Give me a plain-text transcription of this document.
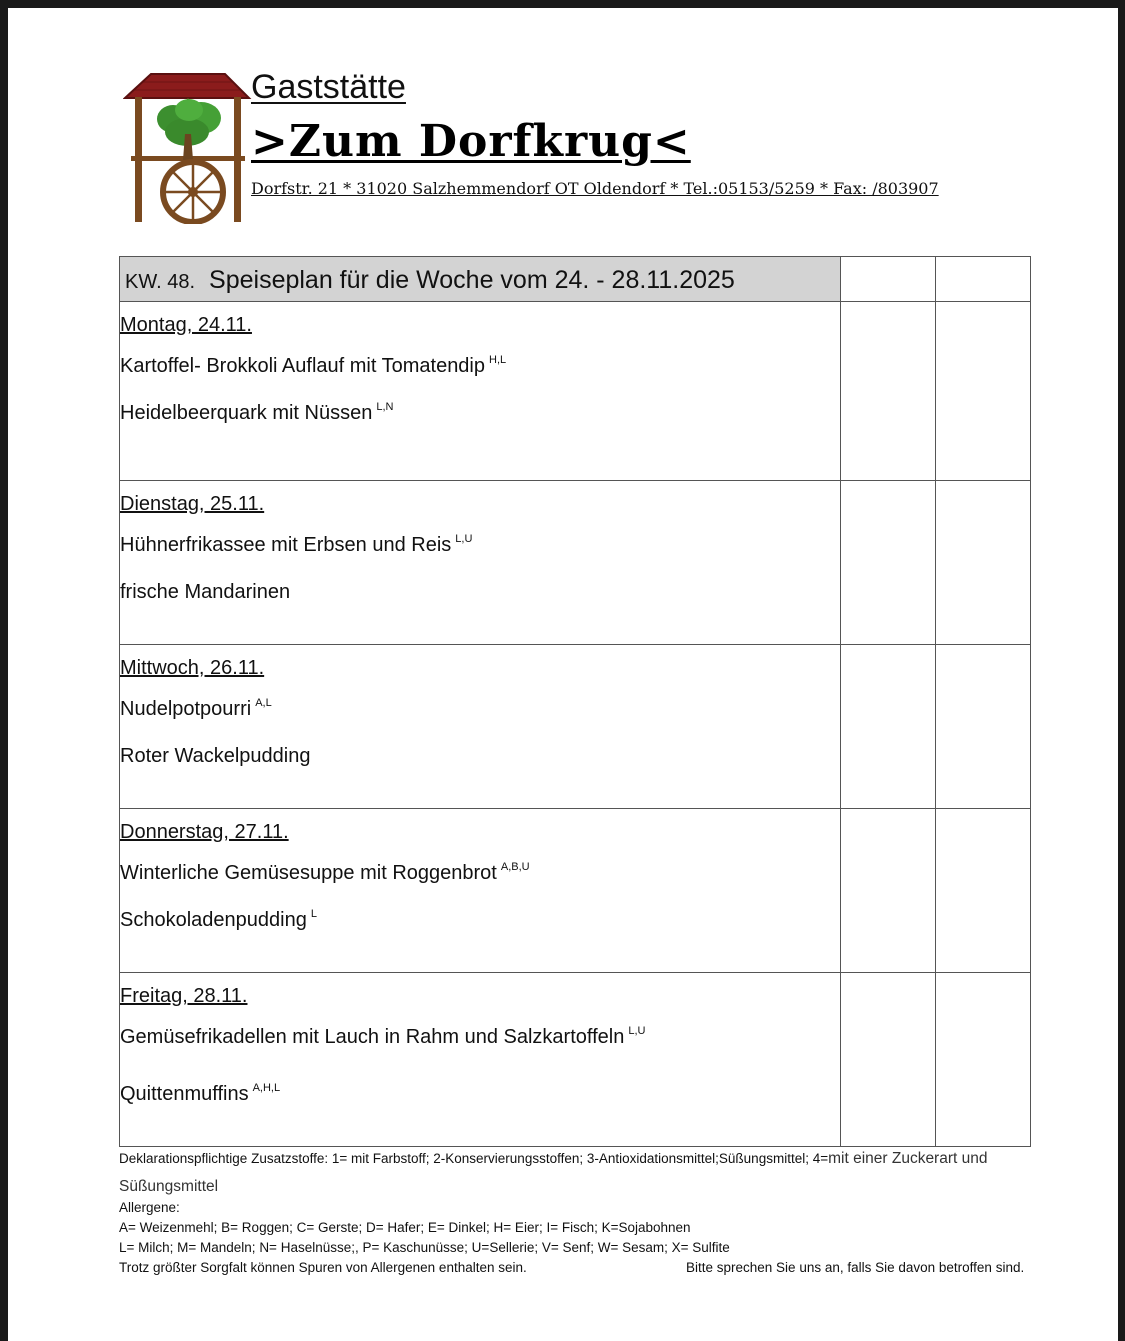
Gaststätte
>Zum Dorfkrug<
Dorfstr. 21 * 31020 Salzhemmendorf OT Oldendorf * Tel.:05153/5259 * Fax: /803907
KW. 48. Speiseplan für die Woche vom 24. - 28.11.2025		

Montag, 24.11.
Kartoffel- Brokkoli Auflauf mit Tomatendip $^{H,L}$
Heidelbeerquark mit Nüssen $^{L,N}$

Dienstag, 25.11.
Hühnerfrikassee mit Erbsen und Reis $^{L,U}$
frische Mandarinen		

Mittwoch, 26.11.
Nudelpotpourri $^{A,L}$
Roter Wackelpudding		

Donnerstag, 27.11.
Winterliche Gemüsesuppe mit Roggenbrot $^{A,B,U}$
Schokoladenpudding $^L$

Freitag, 28.11.
Gemüsefrikadellen mit Lauch in Rahm und Salzkartoffeln $^{L,U}$
Quittenmuffins $^{A,H,L}$

Deklarationspflichtige Zusatzstoffe: 1= mit Farbstoff; 2-Konservierungsstoffen; 3-Antioxidationsmittel;Süßungsmittel; 4=mit einer Zuckerart und
Süßungsmittel
Allergene:
A= Weizenmehl; B= Roggen; C= Gerste; D= Hafer; E= Dinkel; H= Eier; I= Fisch; K=Sojabohnen
L= Milch; M= Mandeln; N= Haselnüsse;, P= Kaschunüsse; U=Sellerie; V= Senf; W= Sesam; X= Sulfite
Trotz größter Sorgfalt können Spuren von Allergenen enthalten sein.	Bitte sprechen Sie uns an, falls Sie davon betroffen sind.
